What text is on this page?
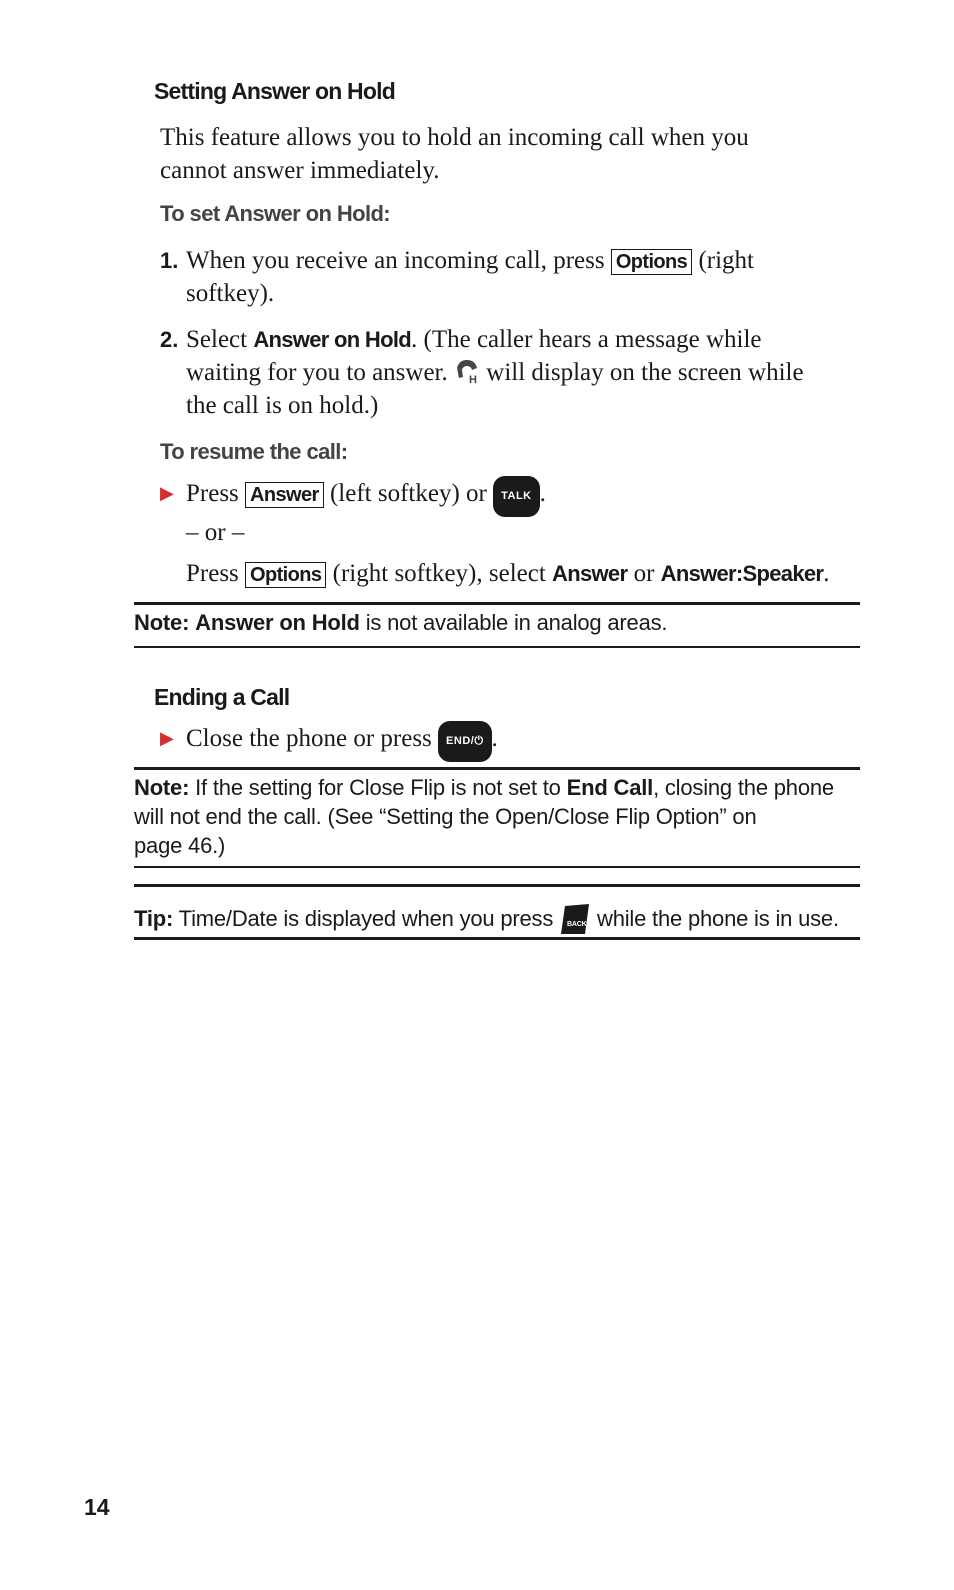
Setting Answer on Hold
This feature allows you to hold an incoming call when you
cannot answer immediately.
To set Answer on Hold:
1. When you receive an incoming call, press Options (right
softkey).
2. Select Answer on Hold. (The caller hears a message while
waiting for you to answer. H will display on the screen while
the call is on hold.)
To resume the call:
▶ Press Answer (left softkey) or TALK .
– or –
Press Options (right softkey), select Answer or Answer:Speaker.
Note: Answer on Hold is not available in analog areas.
Ending a Call
▶ Close the phone or press END/⏻ .
Note: If the setting for Close Flip is not set to End Call, closing the phone
will not end the call. (See “Setting the Open/Close Flip Option” on
page 46.)
Tip: Time/Date is displayed when you press BACK while the phone is in use.
14
